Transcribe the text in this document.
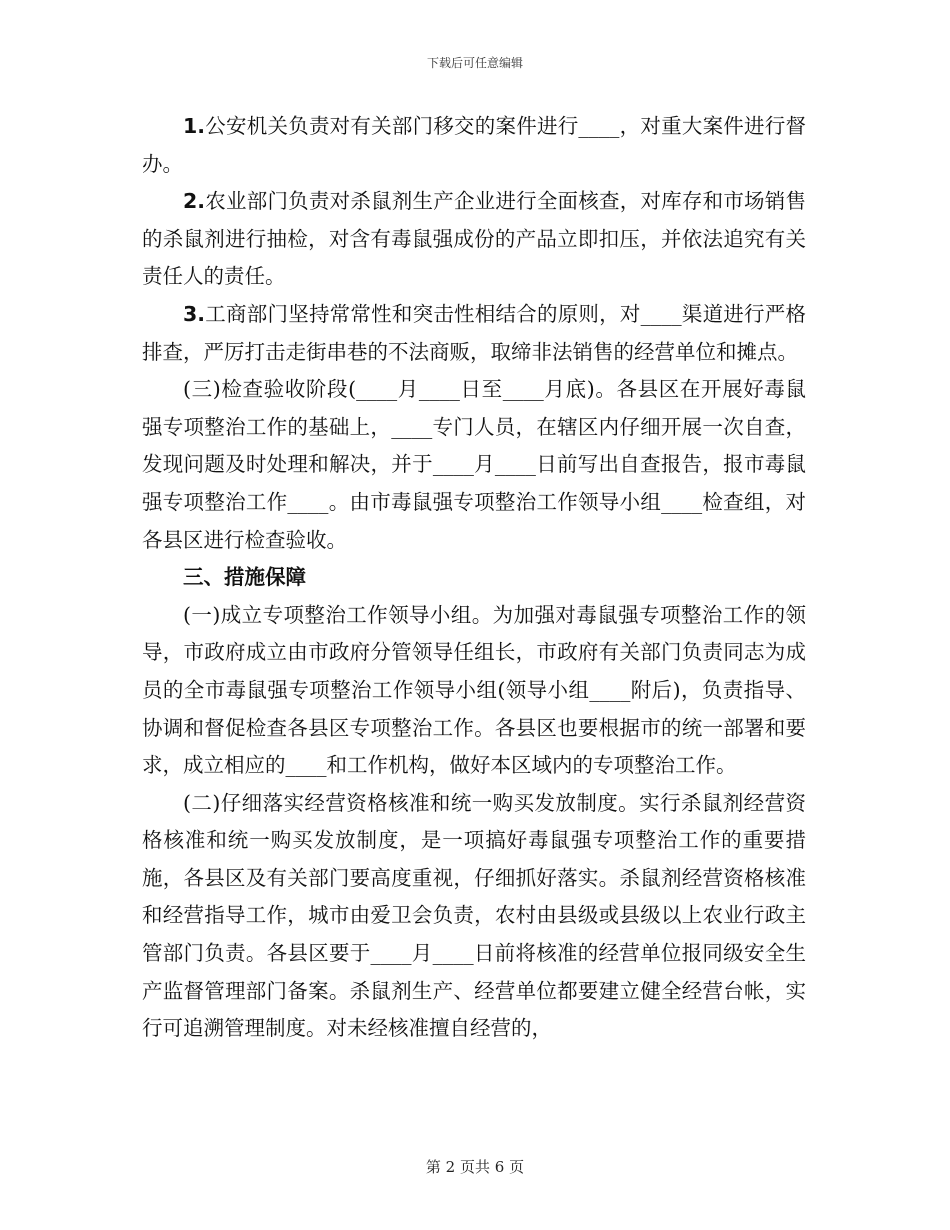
下载后可任意编辑

1.公安机关负责对有关部门移交的案件进行____，对重大案件进行督办。

2.农业部门负责对杀鼠剂生产企业进行全面核查，对库存和市场销售的杀鼠剂进行抽检，对含有毒鼠强成份的产品立即扣压，并依法追究有关责任人的责任。

3.工商部门坚持常常性和突击性相结合的原则，对____渠道进行严格排查，严厉打击走街串巷的不法商贩，取缔非法销售的经营单位和摊点。

(三)检查验收阶段(____月____日至____月底)。各县区在开展好毒鼠强专项整治工作的基础上，____专门人员，在辖区内仔细开展一次自查，发现问题及时处理和解决，并于____月____日前写出自查报告，报市毒鼠强专项整治工作____。由市毒鼠强专项整治工作领导小组____检查组，对各县区进行检查验收。

三、措施保障

(一)成立专项整治工作领导小组。为加强对毒鼠强专项整治工作的领导，市政府成立由市政府分管领导任组长，市政府有关部门负责同志为成员的全市毒鼠强专项整治工作领导小组(领导小组____附后)，负责指导、协调和督促检查各县区专项整治工作。各县区也要根据市的统一部署和要求，成立相应的____和工作机构，做好本区域内的专项整治工作。

(二)仔细落实经营资格核准和统一购买发放制度。实行杀鼠剂经营资格核准和统一购买发放制度，是一项搞好毒鼠强专项整治工作的重要措施，各县区及有关部门要高度重视，仔细抓好落实。杀鼠剂经营资格核准和经营指导工作，城市由爱卫会负责，农村由县级或县级以上农业行政主管部门负责。各县区要于____月____日前将核准的经营单位报同级安全生产监督管理部门备案。杀鼠剂生产、经营单位都要建立健全经营台帐，实行可追溯管理制度。对未经核准擅自经营的，

第 2 页共 6 页
